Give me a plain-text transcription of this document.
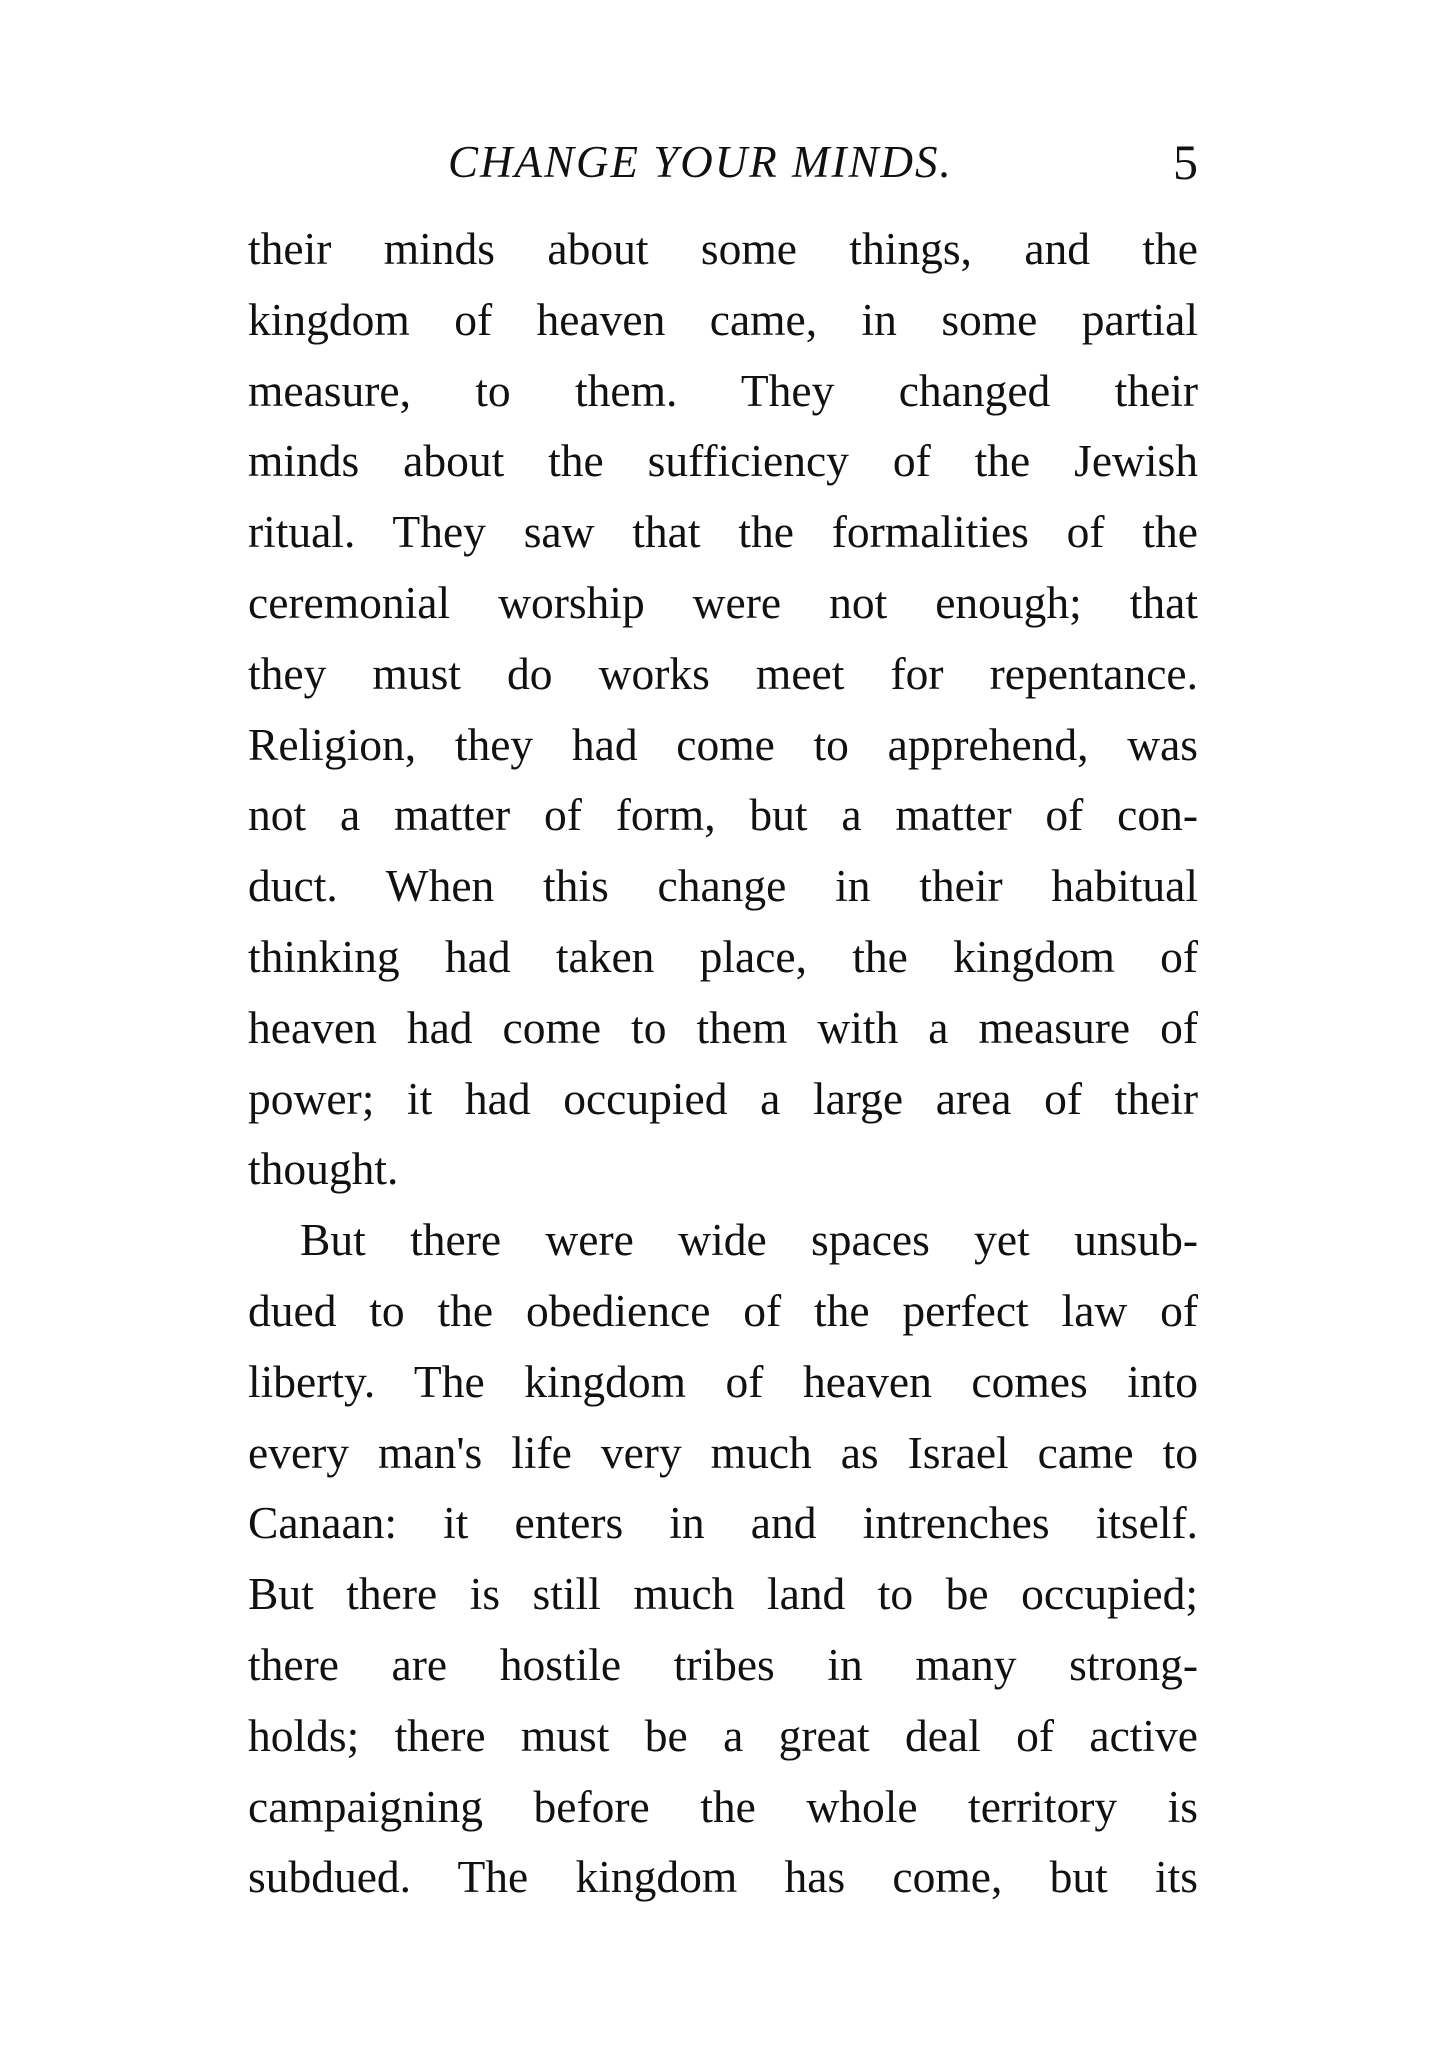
CHANGE YOUR MINDS.	5
their minds about some things, and the
kingdom of heaven came, in some partial
measure, to them. They changed their
minds about the sufficiency of the Jewish
ritual. They saw that the formalities of the
ceremonial worship were not enough; that
they must do works meet for repentance.
Religion, they had come to apprehend, was
not a matter of form, but a matter of con-
duct. When this change in their habitual
thinking had taken place, the kingdom of
heaven had come to them with a measure of
power; it had occupied a large area of their
thought.
But there were wide spaces yet unsub-
dued to the obedience of the perfect law of
liberty. The kingdom of heaven comes into
every man's life very much as Israel came to
Canaan: it enters in and intrenches itself.
But there is still much land to be occupied;
there are hostile tribes in many strong-
holds; there must be a great deal of active
campaigning before the whole territory is
subdued. The kingdom has come, but its
